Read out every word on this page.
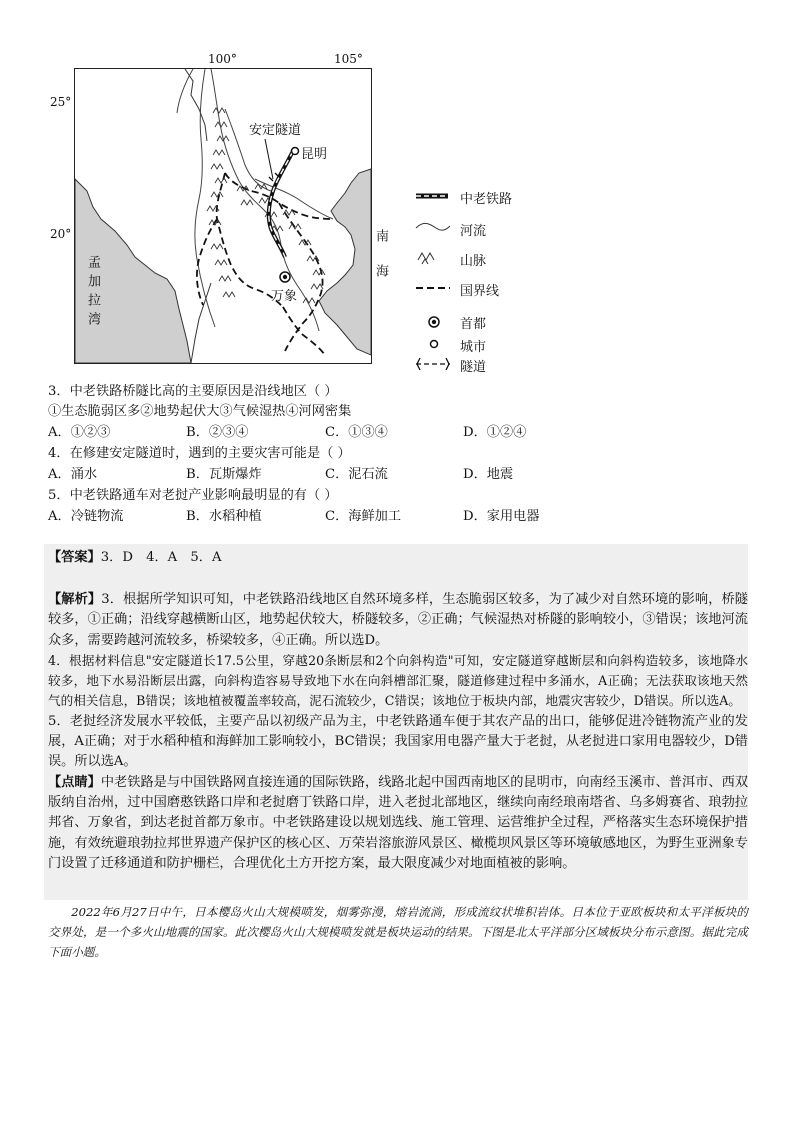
100°	105°
25°
20°
安定隧道
昆明
万象
孟加拉湾	南海
中老铁路
河流
山脉
国界线
首都
城市
隧道
3．中老铁路桥隧比高的主要原因是沿线地区（ ）
①生态脆弱区多②地势起伏大③气候湿热④河网密集
A．①②③	B．②③④	C．①③④	D．①②④
4．在修建安定隧道时，遇到的主要灾害可能是（ ）
A．涌水	B．瓦斯爆炸	C．泥石流	D．地震
5．中老铁路通车对老挝产业影响最明显的有（ ）
A．冷链物流	B．水稻种植	C．海鲜加工	D．家用电器
【答案】3．D　4．A　5．A

【解析】3．根据所学知识可知，中老铁路沿线地区自然环境多样，生态脆弱区较多，为了减少对自然环境的影响，桥隧较多，①正确；沿线穿越横断山区，地势起伏较大，桥隧较多，②正确；气候湿热对桥隧的影响较小，③错误；该地河流众多，需要跨越河流较多，桥梁较多，④正确。所以选D。

4．根据材料信息"安定隧道长17.5公里，穿越20条断层和2个向斜构造"可知，安定隧道穿越断层和向斜构造较多，该地降水较多，地下水易沿断层出露，向斜构造容易导致地下水在向斜槽部汇聚，隧道修建过程中多涌水，A正确；无法获取该地天然气的相关信息，B错误；该地植被覆盖率较高，泥石流较少，C错误；该地位于板块内部，地震灾害较少，D错误。所以选A。

5．老挝经济发展水平较低，主要产品以初级产品为主，中老铁路通车便于其农产品的出口，能够促进冷链物流产业的发展，A正确；对于水稻种植和海鲜加工影响较小，BC错误；我国家用电器产量大于老挝，从老挝进口家用电器较少，D错误。所以选A。

【点睛】中老铁路是与中国铁路网直接连通的国际铁路，线路北起中国西南地区的昆明市，向南经玉溪市、普洱市、西双版纳自治州，过中国磨憨铁路口岸和老挝磨丁铁路口岸，进入老挝北部地区，继续向南经琅南塔省、乌多姆赛省、琅勃拉邦省、万象省，到达老挝首都万象市。中老铁路建设以规划选线、施工管理、运营维护全过程，严格落实生态环境保护措施，有效统避琅勃拉邦世界遗产保护区的核心区、万荣岩溶旅游风景区、橄榄坝风景区等环境敏感地区，为野生亚洲象专门设置了迁移通道和防护栅栏，合理优化土方开挖方案，最大限度减少对地面植被的影响。

2022年6月27日中午，日本樱岛火山大规模喷发，烟雾弥漫，熔岩流淌，形成流纹状堆积岩体。日本位于亚欧板块和太平洋板块的交界处，是一个多火山地震的国家。此次樱岛火山大规模喷发就是板块运动的结果。下图是北太平洋部分区域板块分布示意图。据此完成下面小题。
